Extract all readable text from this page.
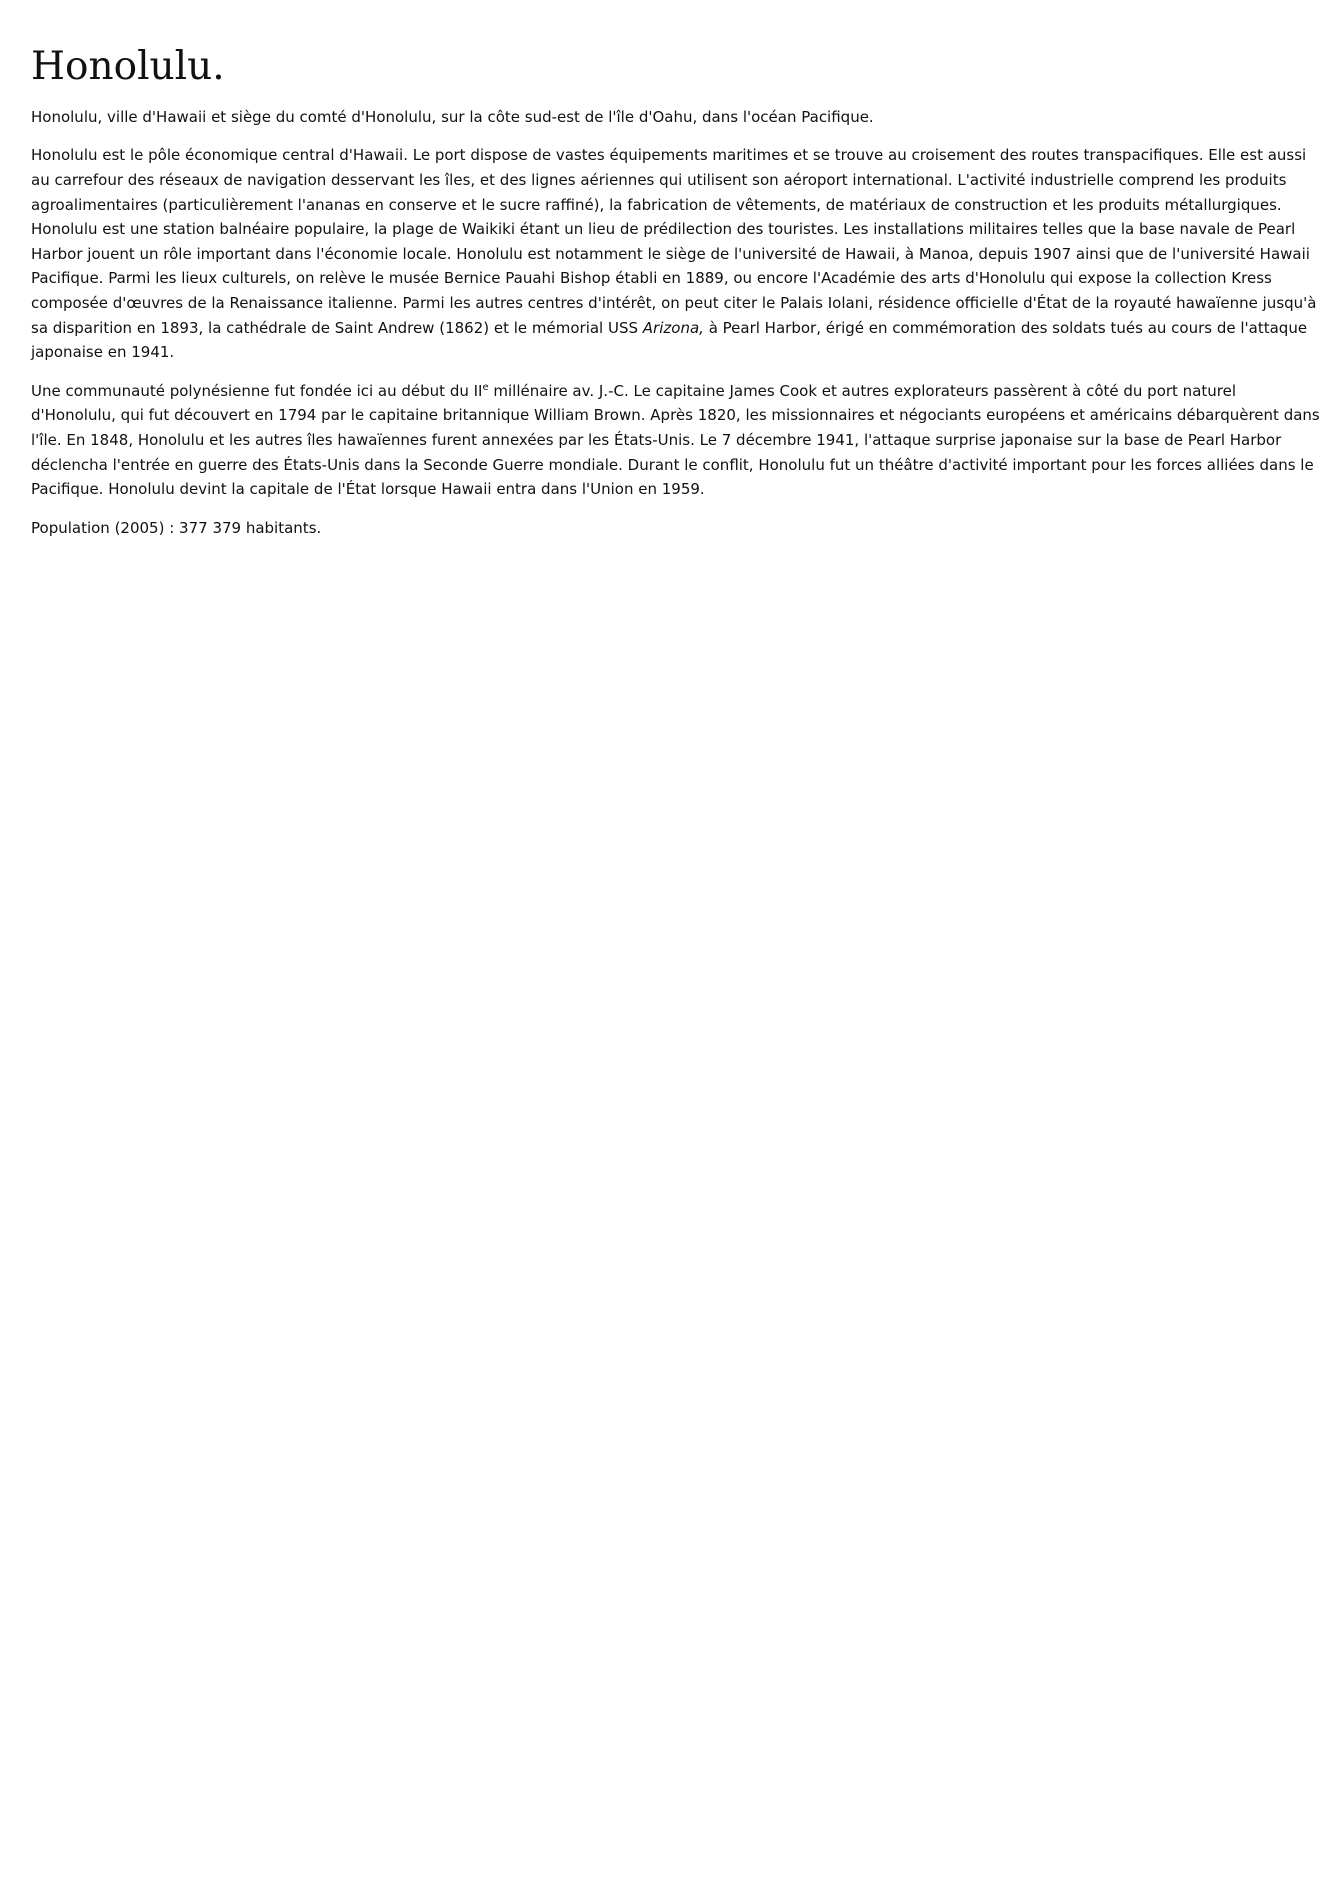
Honolulu.

Honolulu, ville d'Hawaii et siège du comté d'Honolulu, sur la côte sud-est de l'île d'Oahu, dans l'océan Pacifique.

Honolulu est le pôle économique central d'Hawaii. Le port dispose de vastes équipements maritimes et se trouve au croisement des routes transpacifiques. Elle est aussi au carrefour des réseaux de navigation desservant les îles, et des lignes aériennes qui utilisent son aéroport international. L'activité industrielle comprend les produits agroalimentaires (particulièrement l'ananas en conserve et le sucre raffiné), la fabrication de vêtements, de matériaux de construction et les produits métallurgiques. Honolulu est une station balnéaire populaire, la plage de Waikiki étant un lieu de prédilection des touristes. Les installations militaires telles que la base navale de Pearl Harbor jouent un rôle important dans l'économie locale. Honolulu est notamment le siège de l'université de Hawaii, à Manoa, depuis 1907 ainsi que de l'université Hawaii Pacifique. Parmi les lieux culturels, on relève le musée Bernice Pauahi Bishop établi en 1889, ou encore l'Académie des arts d'Honolulu qui expose la collection Kress composée d'œuvres de la Renaissance italienne. Parmi les autres centres d'intérêt, on peut citer le Palais Iolani, résidence officielle d'État de la royauté hawaïenne jusqu'à sa disparition en 1893, la cathédrale de Saint Andrew (1862) et le mémorial USS Arizona, à Pearl Harbor, érigé en commémoration des soldats tués au cours de l'attaque japonaise en 1941.

Une communauté polynésienne fut fondée ici au début du IIe millénaire av. J.-C. Le capitaine James Cook et autres explorateurs passèrent à côté du port naturel d'Honolulu, qui fut découvert en 1794 par le capitaine britannique William Brown. Après 1820, les missionnaires et négociants européens et américains débarquèrent dans l'île. En 1848, Honolulu et les autres îles hawaïennes furent annexées par les États-Unis. Le 7 décembre 1941, l'attaque surprise japonaise sur la base de Pearl Harbor déclencha l'entrée en guerre des États-Unis dans la Seconde Guerre mondiale. Durant le conflit, Honolulu fut un théâtre d'activité important pour les forces alliées dans le Pacifique. Honolulu devint la capitale de l'État lorsque Hawaii entra dans l'Union en 1959.

Population (2005) : 377 379 habitants.
